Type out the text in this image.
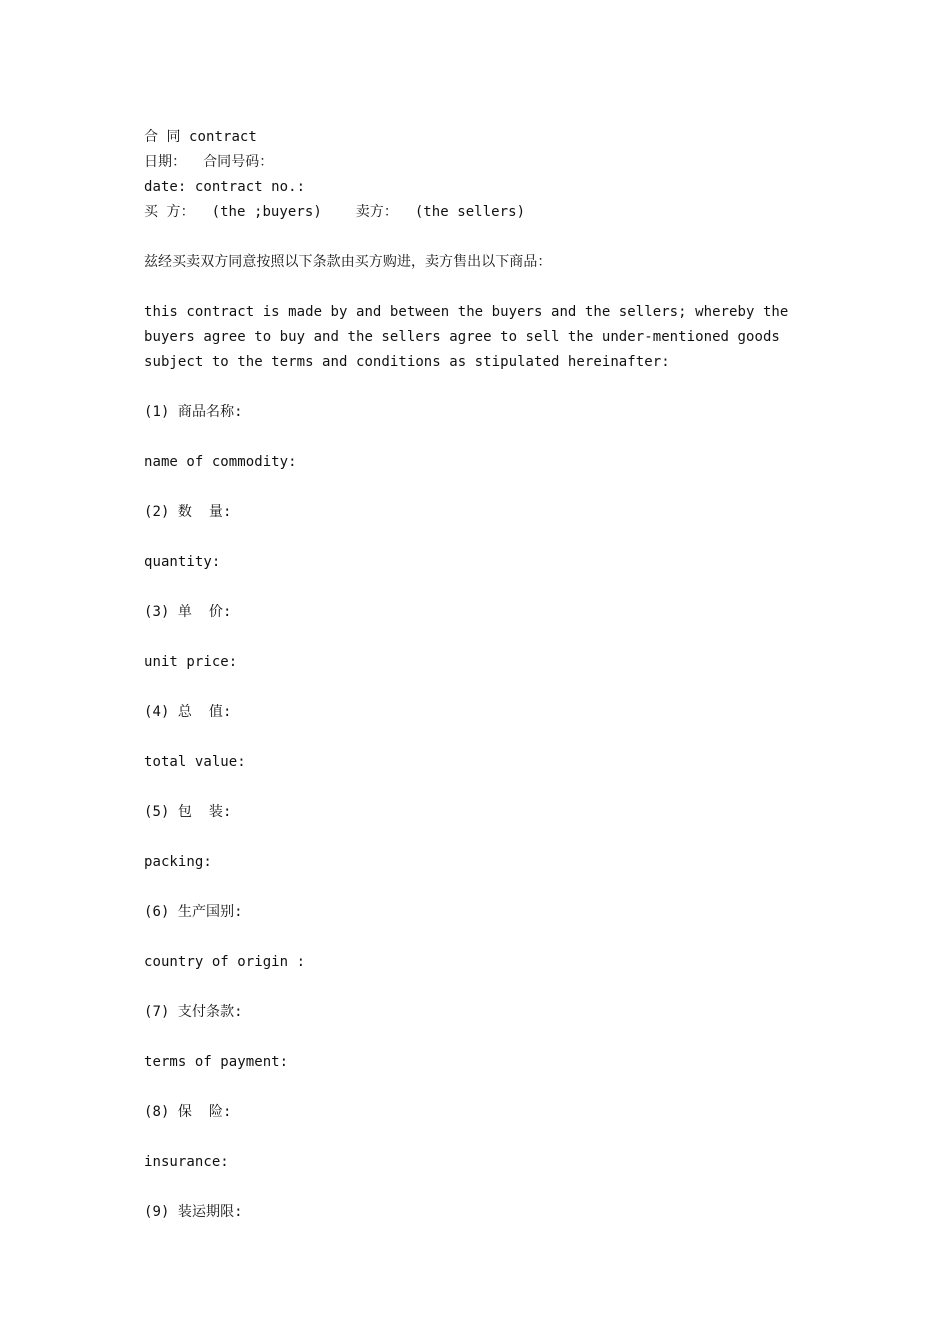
合 同 contract

日期：  合同号码：

date: contract no.:

买 方：  (the ;buyers)    卖方：  (the sellers)

兹经买卖双方同意按照以下条款由买方购进，卖方售出以下商品：

this contract is made by and between the buyers and the sellers; whereby the buyers agree to buy and the sellers agree to sell the under-mentioned goods subject to the terms and conditions as stipulated hereinafter:

(1) 商品名称:

name of commodity:

(2) 数  量:

quantity:

(3) 单  价:

unit price:

(4) 总  值:

total value:

(5) 包  装:

packing:

(6) 生产国别:

country of origin :

(7) 支付条款:

terms of payment:

(8) 保  险:

insurance:

(9) 装运期限:
